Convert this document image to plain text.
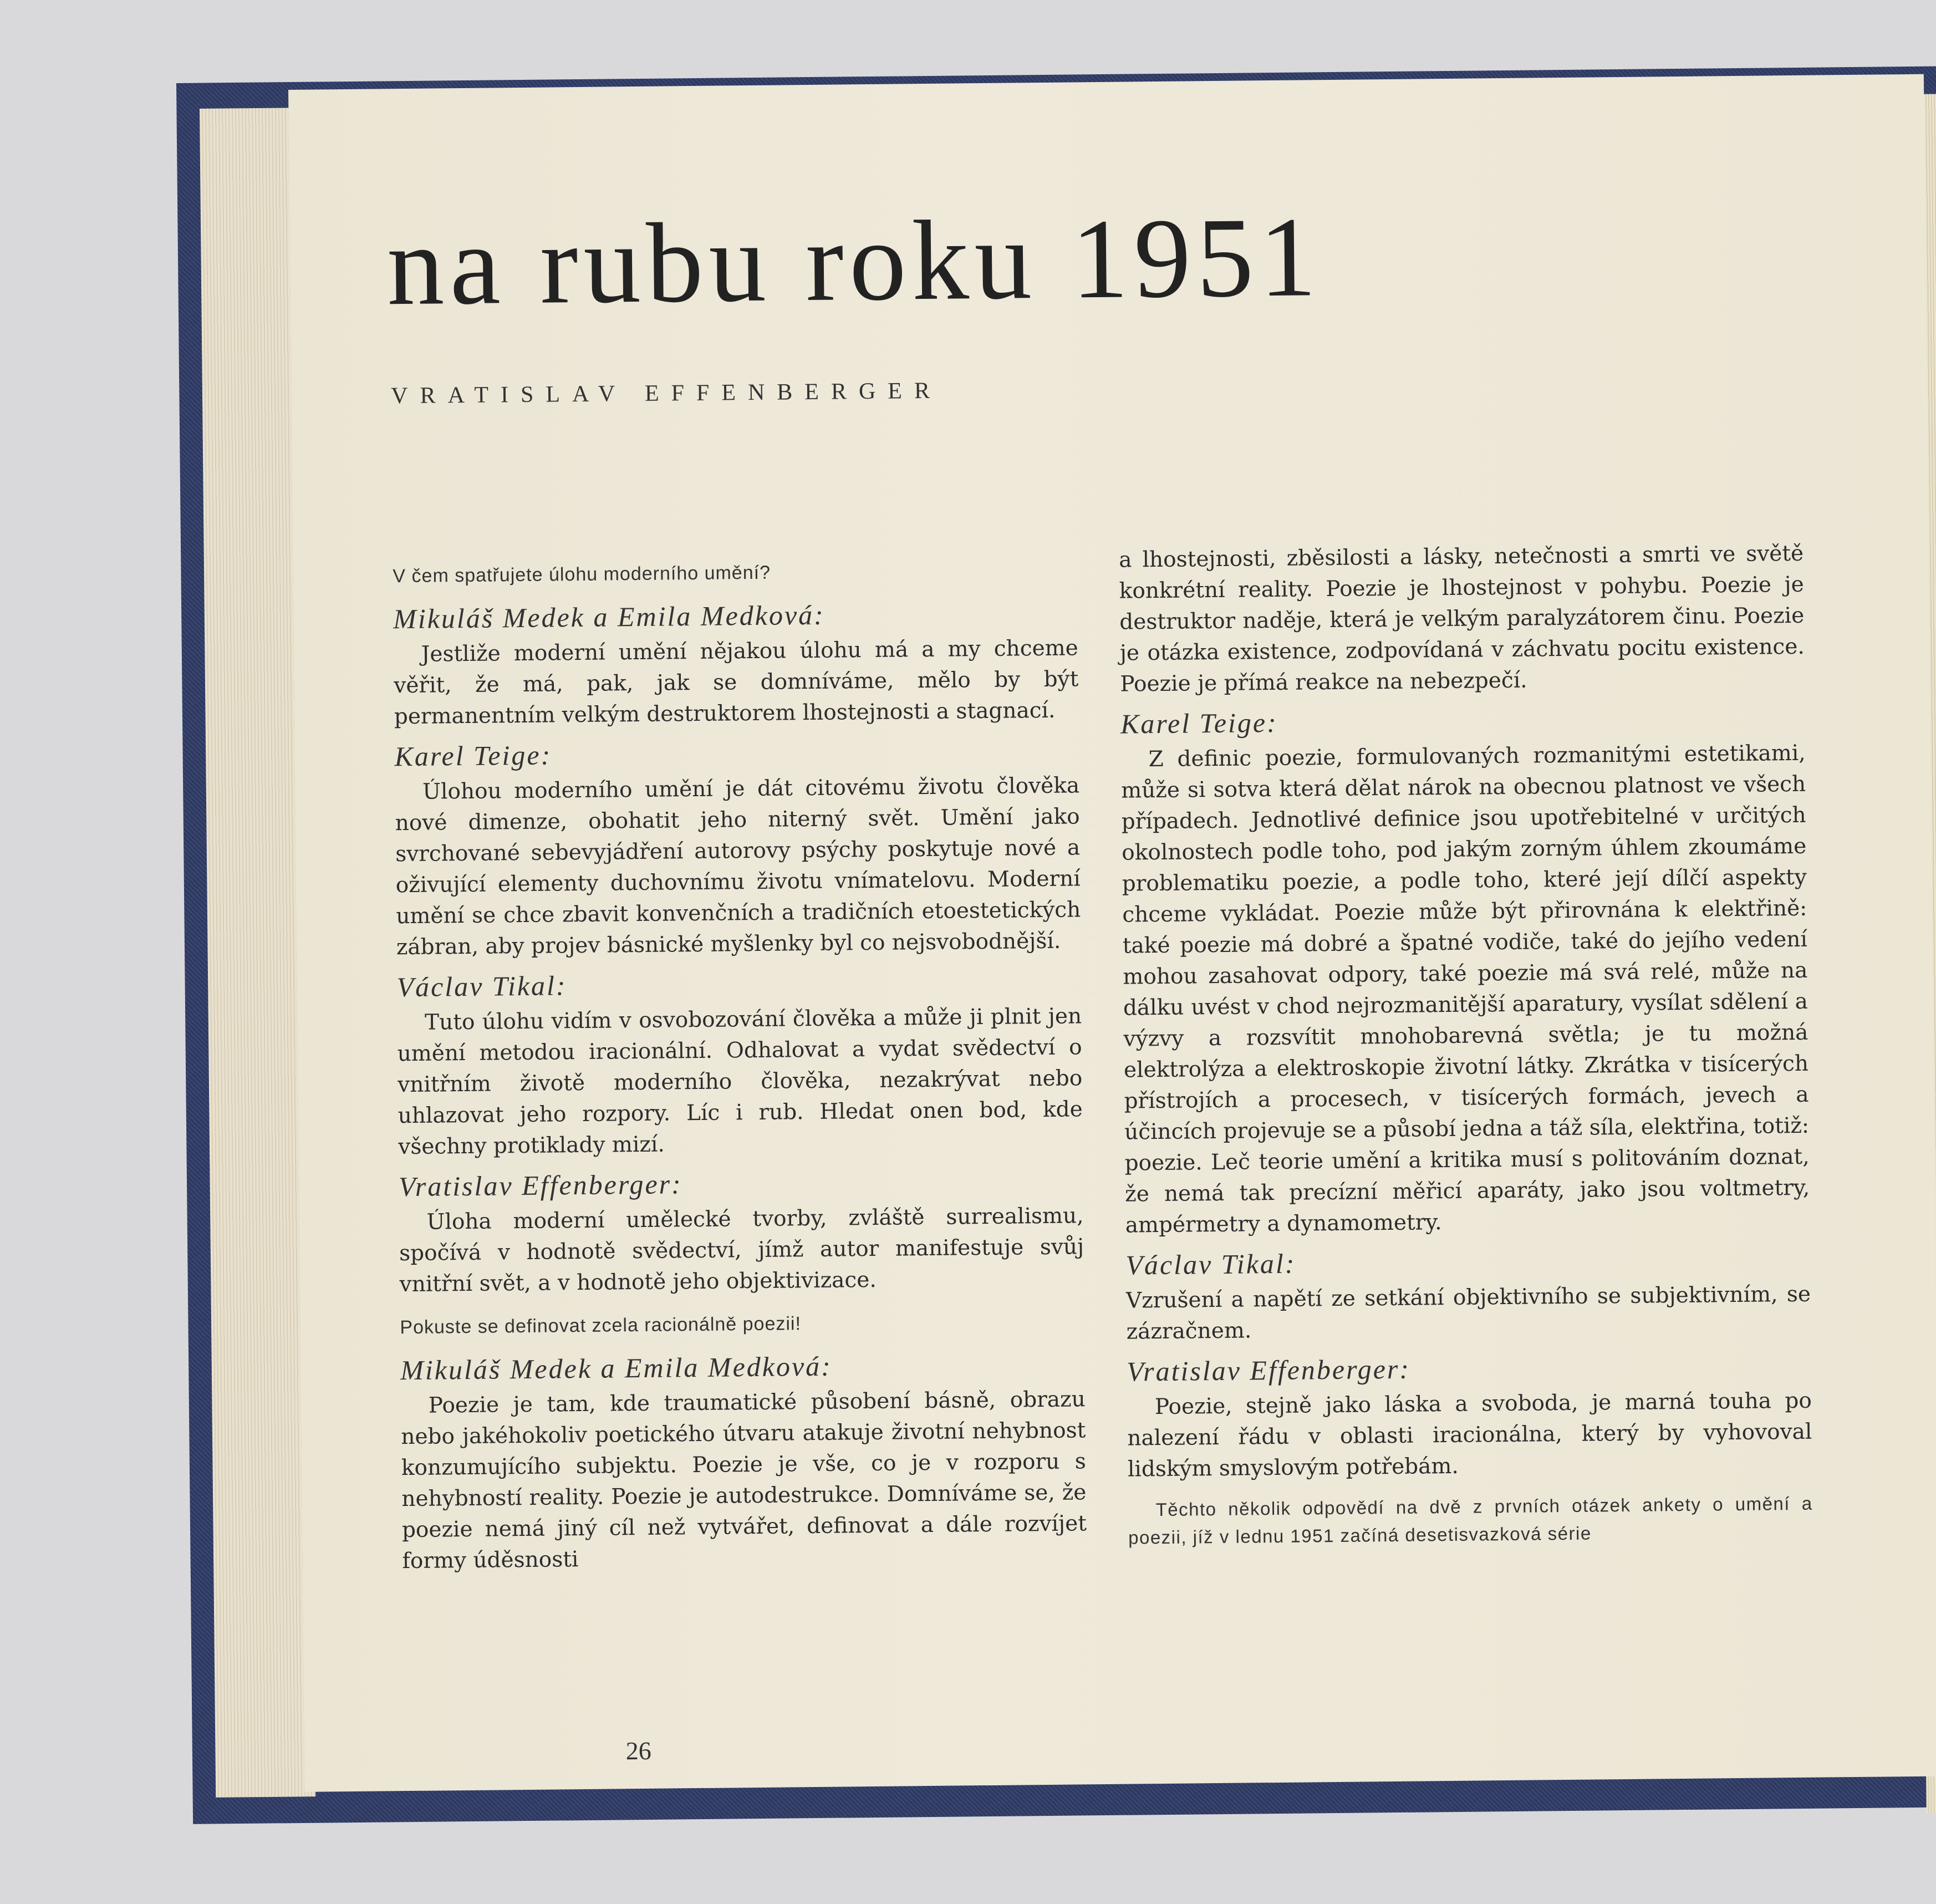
na rubu roku 1951
VRATISLAV EFFENBERGER

V čem spatřujete úlohu moderního umění?

Mikuláš Medek a Emila Medková:

Jestliže moderní umění nějakou úlohu má a my chceme věřit, že má, pak, jak se domníváme, mělo by být permanentním velkým destruktorem lhostejnosti a stagnací.

Karel Teige:

Úlohou moderního umění je dát citovému životu člověka nové dimenze, obohatit jeho niterný svět. Umění jako svrchované sebevyjádření autorovy psýchy poskytuje nové a oživující elementy duchovnímu životu vnímatelovu. Moderní umění se chce zbavit konvenčních a tradičních etoestetických zábran, aby projev básnické myšlenky byl co nejsvobodnější.

Václav Tikal:

Tuto úlohu vidím v osvobozování člověka a může ji plnit jen umění metodou iracionální. Odhalovat a vydat svědectví o vnitřním životě moderního člověka, nezakrývat nebo uhlazovat jeho rozpory. Líc i rub. Hledat onen bod, kde všechny protiklady mizí.

Vratislav Effenberger:

Úloha moderní umělecké tvorby, zvláště surrealismu, spočívá v hodnotě svědectví, jímž autor manifestuje svůj vnitřní svět, a v hodnotě jeho objektivizace.

Pokuste se definovat zcela racionálně poezii!

Mikuláš Medek a Emila Medková:

Poezie je tam, kde traumatické působení básně, obrazu nebo jakéhokoliv poetického útvaru atakuje životní nehybnost konzumujícího subjektu. Poezie je vše, co je v rozporu s nehybností reality. Poezie je autodestrukce. Domníváme se, že poezie nemá jiný cíl než vytvářet, definovat a dále rozvíjet formy úděsnosti

a lhostejnosti, zběsilosti a lásky, netečnosti a smrti ve světě konkrétní reality. Poezie je lhostejnost v pohybu. Poezie je destruktor naděje, která je velkým paralyzátorem činu. Poezie je otázka existence, zodpovídaná v záchvatu pocitu existence. Poezie je přímá reakce na nebezpečí.

Karel Teige:

Z definic poezie, formulovaných rozmanitými estetikami, může si sotva která dělat nárok na obecnou platnost ve všech případech. Jednotlivé definice jsou upotřebitelné v určitých okolnostech podle toho, pod jakým zorným úhlem zkoumáme problematiku poezie, a podle toho, které její dílčí aspekty chceme vykládat. Poezie může být přirovnána k elektřině: také poezie má dobré a špatné vodiče, také do jejího vedení mohou zasahovat odpory, také poezie má svá relé, může na dálku uvést v chod nejrozmanitější aparatury, vysílat sdělení a výzvy a rozsvítit mnohobarevná světla; je tu možná elektrolýza a elektroskopie životní látky. Zkrátka v tisícerých přístrojích a procesech, v tisícerých formách, jevech a účincích projevuje se a působí jedna a táž síla, elektřina, totiž: poezie. Leč teorie umění a kritika musí s politováním doznat, že nemá tak precízní měřicí aparáty, jako jsou voltmetry, ampérmetry a dynamometry.

Václav Tikal:

Vzrušení a napětí ze setkání objektivního se subjektivním, se zázračnem.

Vratislav Effenberger:

Poezie, stejně jako láska a svoboda, je marná touha po nalezení řádu v oblasti iracionálna, který by vyhovoval lidským smyslovým potřebám.

Těchto několik odpovědí na dvě z prvních otázek ankety o umění a poezii, jíž v lednu 1951 začíná desetisvazková série

26
